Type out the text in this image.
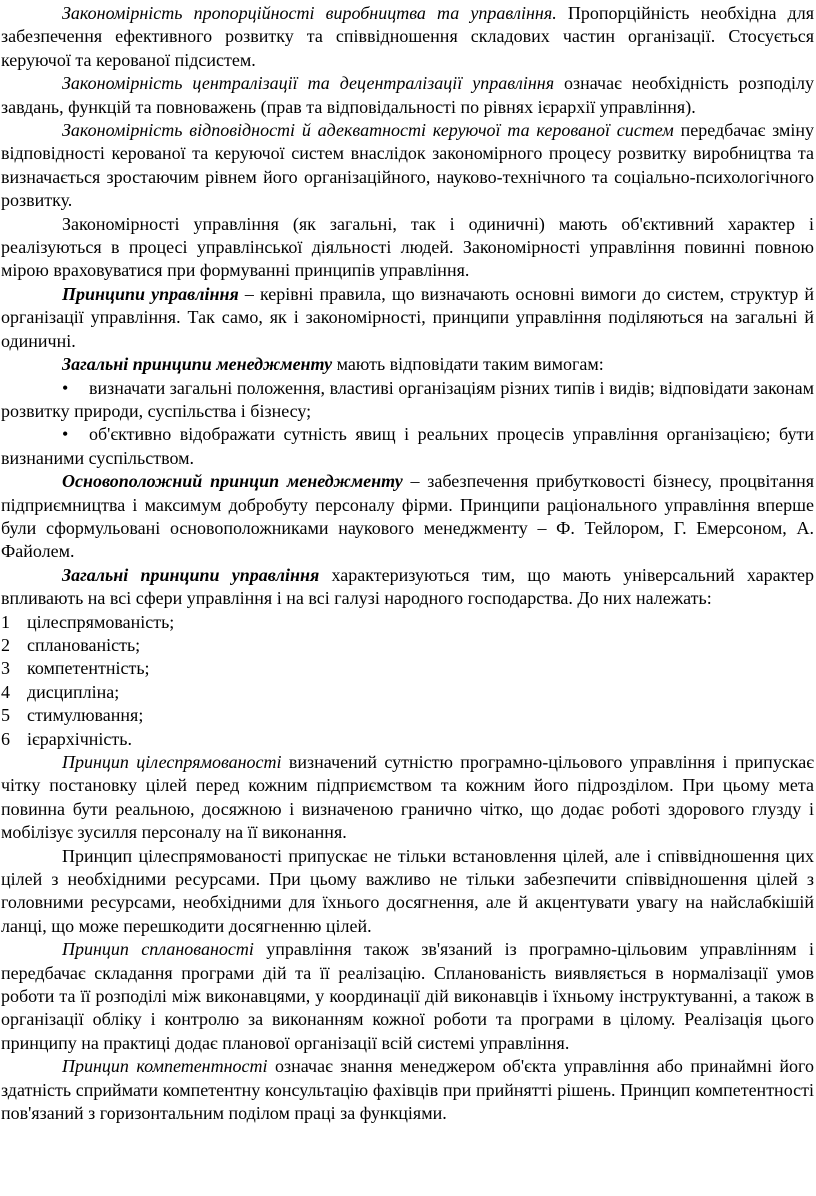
Закономірність пропорційності виробництва та управління. Пропорційність необхідна для забезпечення ефективного розвитку та співвідношення складових частин організації. Стосується керуючої та керованої підсистем.

Закономірність централізації та децентралізації управління означає необхідність розподілу завдань, функцій та повноважень (прав та відповідальності по рівнях ієрархії управління).

Закономірність відповідності й адекватності керуючої та керованої систем передбачає зміну відповідності керованої та керуючої систем внаслідок закономірного процесу розвитку виробництва та визначається зростаючим рівнем його організаційного, науково-технічного та соціально-психологічного розвитку.

Закономірності управління (як загальні, так і одиничні) мають об'єктивний характер і реалізуються в процесі управлінської діяльності людей. Закономірності управління повинні повною мірою враховуватися при формуванні принципів управління.

Принципи управління – керівні правила, що визначають основні вимоги до систем, структур й організації управління. Так само, як і закономірності, принципи управління поділяються на загальні й одиничні.

Загальні принципи менеджменту мають відповідати таким вимогам:

• визначати загальні положення, властиві організаціям різних типів і видів; відповідати законам розвитку природи, суспільства і бізнесу;

• об'єктивно відображати сутність явищ і реальних процесів управління організацією; бути визнаними суспільством.

Основоположний принцип менеджменту – забезпечення прибутковості бізнесу, процвітання підприємництва і максимум добробуту персоналу фірми. Принципи раціонального управління вперше були сформульовані основоположниками наукового менеджменту – Ф. Тейлором, Г. Емерсоном, А. Файолем.

Загальні принципи управління характеризуються тим, що мають універсальний характер впливають на всі сфери управління і на всі галузі народного господарства. До них належать:

1 цілеспрямованість;
2 спланованість;
3 компетентність;
4 дисципліна;
5 стимулювання;
6 ієрархічність.

Принцип цілеспрямованості визначений сутністю програмно-цільового управління і припускає чітку постановку цілей перед кожним підприємством та кожним його підрозділом. При цьому мета повинна бути реальною, досяжною і визначеною гранично чітко, що додає роботі здорового глузду і мобілізує зусилля персоналу на її виконання.

Принцип цілеспрямованості припускає не тільки встановлення цілей, але і співвідношення цих цілей з необхідними ресурсами. При цьому важливо не тільки забезпечити співвідношення цілей з головними ресурсами, необхідними для їхнього досягнення, але й акцентувати увагу на найслабкішій ланці, що може перешкодити досягненню цілей.

Принцип спланованості управління також зв'язаний із програмно-цільовим управлінням і передбачає складання програми дій та її реалізацію. Спланованість виявляється в нормалізації умов роботи та її розподілі між виконавцями, у координації дій виконавців і їхньому інструктуванні, а також в організації обліку і контролю за виконанням кожної роботи та програми в цілому. Реалізація цього принципу на практиці додає планової організації всій системі управління.

Принцип компетентності означає знання менеджером об'єкта управління або принаймні його здатність сприймати компетентну консультацію фахівців при прийнятті рішень. Принцип компетентності пов'язаний з горизонтальним поділом праці за функціями.
